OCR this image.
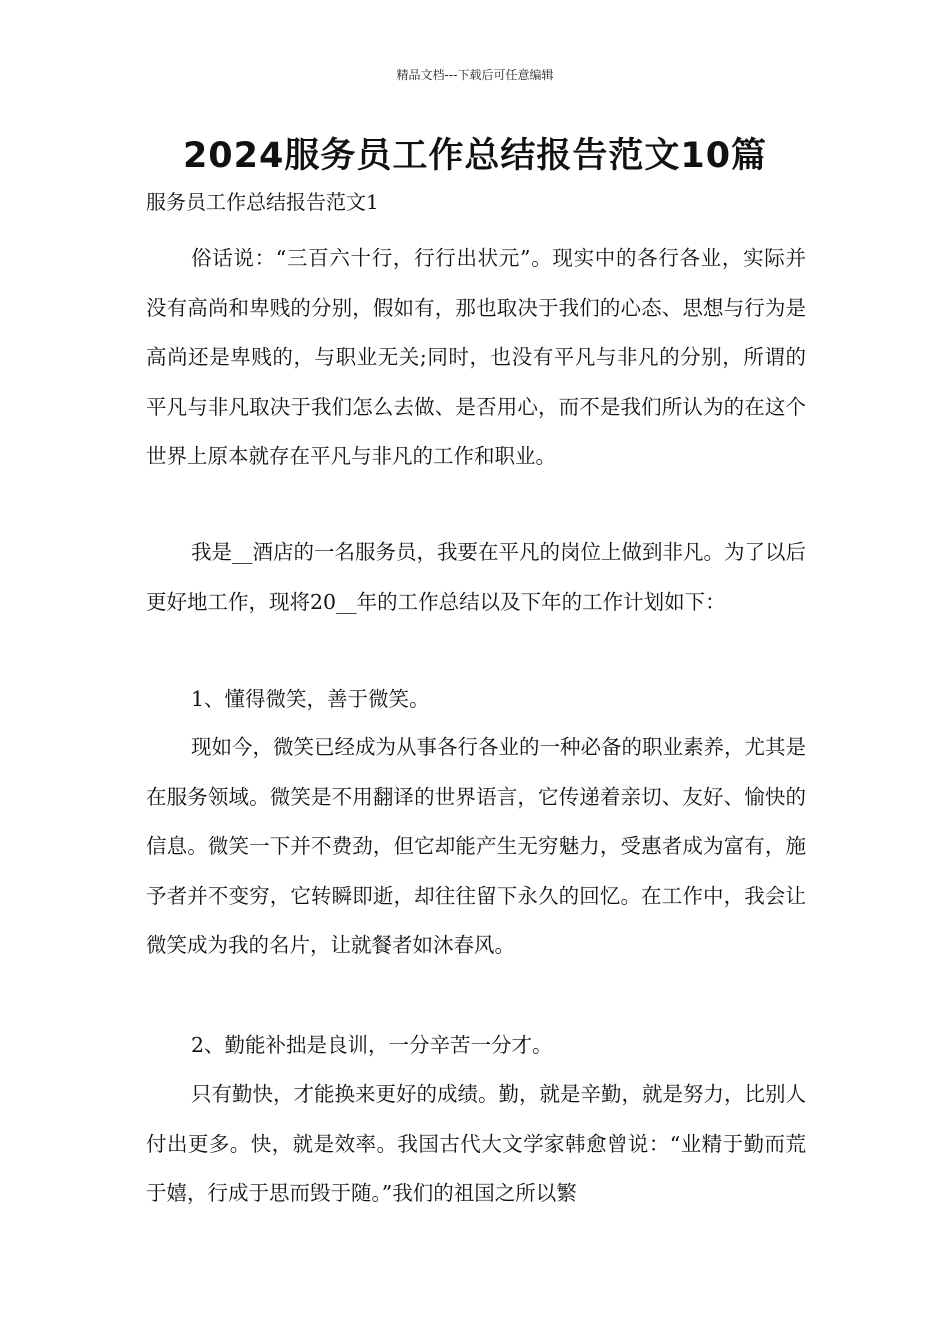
精品文档---下载后可任意编辑
2024服务员工作总结报告范文10篇
服务员工作总结报告范文1

俗话说：“三百六十行，行行出状元”。现实中的各行各业，实际并没有高尚和卑贱的分别，假如有，那也取决于我们的心态、思想与行为是高尚还是卑贱的，与职业无关;同时，也没有平凡与非凡的分别，所谓的平凡与非凡取决于我们怎么去做、是否用心，而不是我们所认为的在这个世界上原本就存在平凡与非凡的工作和职业。

我是__酒店的一名服务员，我要在平凡的岗位上做到非凡。为了以后更好地工作，现将20__年的工作总结以及下年的工作计划如下：

1、懂得微笑，善于微笑。

现如今，微笑已经成为从事各行各业的一种必备的职业素养，尤其是在服务领域。微笑是不用翻译的世界语言，它传递着亲切、友好、愉快的信息。微笑一下并不费劲，但它却能产生无穷魅力，受惠者成为富有，施予者并不变穷，它转瞬即逝，却往往留下永久的回忆。在工作中，我会让微笑成为我的名片，让就餐者如沐春风。

2、勤能补拙是良训，一分辛苦一分才。

只有勤快，才能换来更好的成绩。勤，就是辛勤，就是努力，比别人付出更多。快，就是效率。我国古代大文学家韩愈曾说：“业精于勤而荒于嬉，行成于思而毁于随。”我们的祖国之所以繁
